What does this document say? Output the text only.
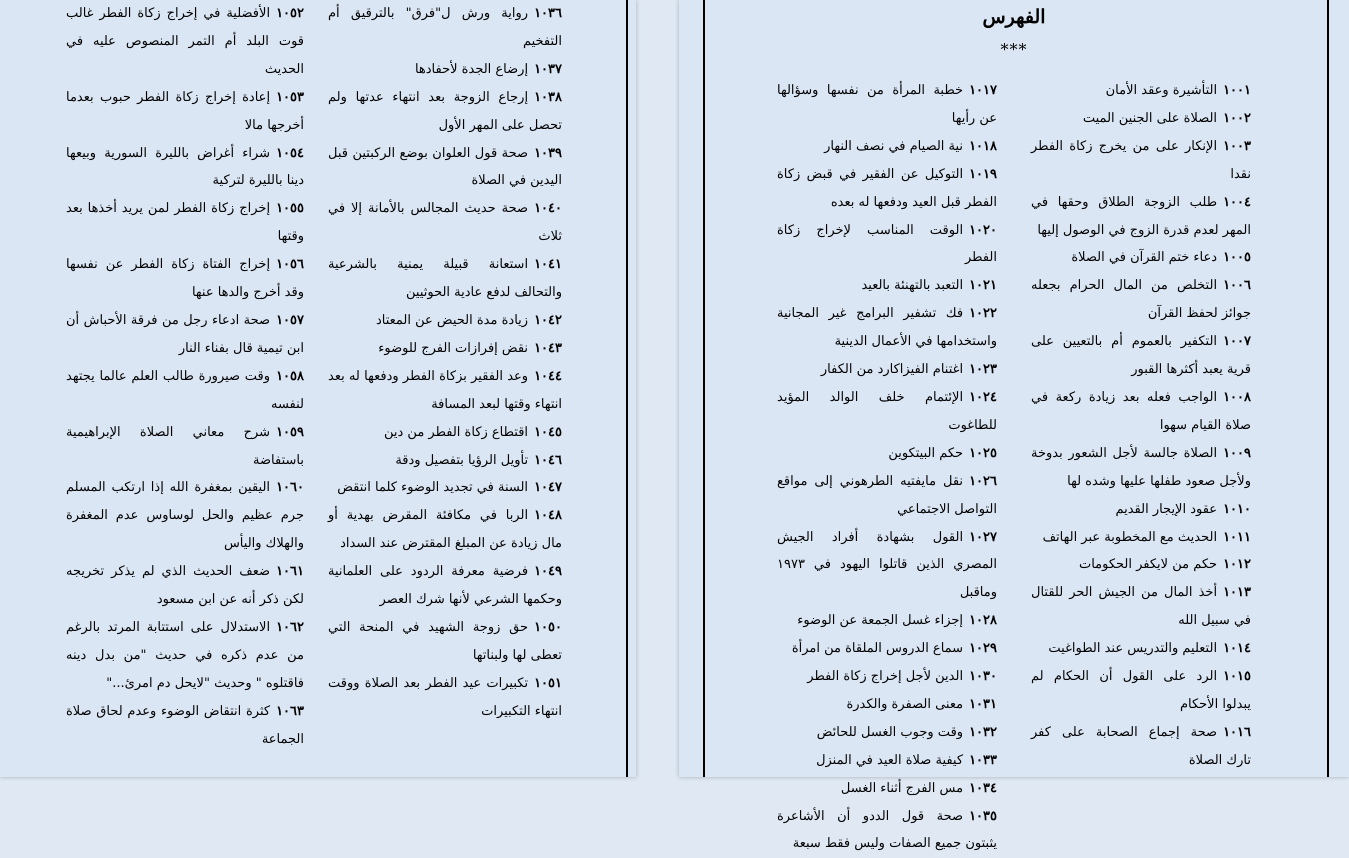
١٠٣٦رواية ورش ل"فرق" بالترقيق أم التفخيم

١٠٣٧إرضاع الجدة لأحفادها

١٠٣٨إرجاع الزوجة بعد انتهاء عدتها ولم تحصل على المهر الأول

١٠٣٩صحة قول العلوان بوضع الركبتين قبل اليدين في الصلاة

١٠٤٠صحة حديث المجالس بالأمانة إلا في ثلاث

١٠٤١استعانة قبيلة يمنية بالشرعية والتحالف لدفع عادية الحوثيين

١٠٤٢زيادة مدة الحيض عن المعتاد

١٠٤٣نقض إفرازات الفرج للوضوء

١٠٤٤وعد الفقير بزكاة الفطر ودفعها له بعد انتهاء وقتها لبعد المسافة

١٠٤٥اقتطاع زكاة الفطر من دين

١٠٤٦تأويل الرؤيا بتفصيل ودقة

١٠٤٧السنة في تجديد الوضوء كلما انتقض

١٠٤٨الربا في مكافئة المقرض بهدية أو مال زيادة عن المبلغ المقترض عند السداد

١٠٤٩فرضية معرفة الردود على العلمانية وحكمها الشرعي لأنها شرك العصر

١٠٥٠حق زوجة الشهيد في المنحة التي تعطى لها ولبناتها

١٠٥١تكبيرات عيد الفطر بعد الصلاة ووقت انتهاء التكبيرات

١٠٥٢الأفضلية في إخراج زكاة الفطر غالب قوت البلد أم التمر المنصوص عليه في الحديث

١٠٥٣إعادة إخراج زكاة الفطر حبوب بعدما أخرجها مالا

١٠٥٤شراء أغراض بالليرة السورية وبيعها دينا بالليرة لتركية

١٠٥٥إخراج زكاة الفطر لمن يريد أخذها بعد وقتها

١٠٥٦إخراج الفتاة زكاة الفطر عن نفسها وقد أخرج والدها عنها

١٠٥٧صحة ادعاء رجل من فرقة الأحباش أن ابن تيمية قال بفناء النار

١٠٥٨وقت صيرورة طالب العلم عالما يجتهد لنفسه

١٠٥٩شرح معاني الصلاة الإبراهيمية باستفاضة

١٠٦٠اليقين بمغفرة الله إذا ارتكب المسلم جرم عظيم والحل لوساوس عدم المغفرة والهلاك واليأس

١٠٦١ضعف الحديث الذي لم يذكر تخريجه لكن ذكر أنه عن ابن مسعود

١٠٦٢الاستدلال على استتابة المرتد بالرغم من عدم ذكره في حديث "من بدل دينه فاقتلوه " وحديث "لايحل دم امرئ..."

١٠٦٣كثرة انتقاض الوضوء وعدم لحاق صلاة الجماعة

الفهرس
***

١٠٠١التأشيرة وعقد الأمان

١٠٠٢الصلاة على الجنين الميت

١٠٠٣الإنكار على من يخرج زكاة الفطر نقدا

١٠٠٤طلب الزوجة الطلاق وحقها في المهر لعدم قدرة الزوج في الوصول إليها

١٠٠٥دعاء ختم القرآن في الصلاة

١٠٠٦التخلص من المال الحرام بجعله جوائز لحفظ القرآن

١٠٠٧التكفير بالعموم أم بالتعيين على قرية يعبد أكثرها القبور

١٠٠٨الواجب فعله بعد زيادة ركعة في صلاة القيام سهوا

١٠٠٩الصلاة جالسة لأجل الشعور بدوخة ولأجل صعود طفلها عليها وشده لها

١٠١٠عقود الإيجار القديم

١٠١١الحديث مع المخطوبة عبر الهاتف

١٠١٢حكم من لايكفر الحكومات

١٠١٣أخذ المال من الجيش الحر للقتال في سبيل الله

١٠١٤التعليم والتدريس عند الطواغيت

١٠١٥الرد على القول أن الحكام لم يبدلوا الأحكام

١٠١٦صحة إجماع الصحابة على كفر تارك الصلاة

١٠١٧خطبة المرأة من نفسها وسؤالها عن رأيها

١٠١٨نية الصيام في نصف النهار

١٠١٩التوكيل عن الفقير في قبض زكاة الفطر قبل العيد ودفعها له بعده

١٠٢٠الوقت المناسب لإخراج زكاة الفطر

١٠٢١التعبد بالتهنئة بالعيد

١٠٢٢فك تشفير البرامج غير المجانية واستخدامها في الأعمال الدينية

١٠٢٣اغتنام الفيزاكارد من الكفار

١٠٢٤الإئتمام خلف الوالد المؤيد للطاغوت

١٠٢٥حكم البيتكوين

١٠٢٦نقل مايفتيه الطرهوني إلى مواقع التواصل الاجتماعي

١٠٢٧القول بشهادة أفراد الجيش المصري الذين قاتلوا اليهود في ١٩٧٣ وماقبل

١٠٢٨إجزاء غسل الجمعة عن الوضوء

١٠٢٩سماع الدروس الملقاة من امرأة

١٠٣٠الدين لأجل إخراج زكاة الفطر

١٠٣١معنى الصفرة والكدرة

١٠٣٢وقت وجوب الغسل للحائض

١٠٣٣كيفية صلاة العيد في المنزل

١٠٣٤مس الفرج أثناء الغسل

١٠٣٥صحة قول الددو أن الأشاعرة يثبتون جميع الصفات وليس فقط سبعة
